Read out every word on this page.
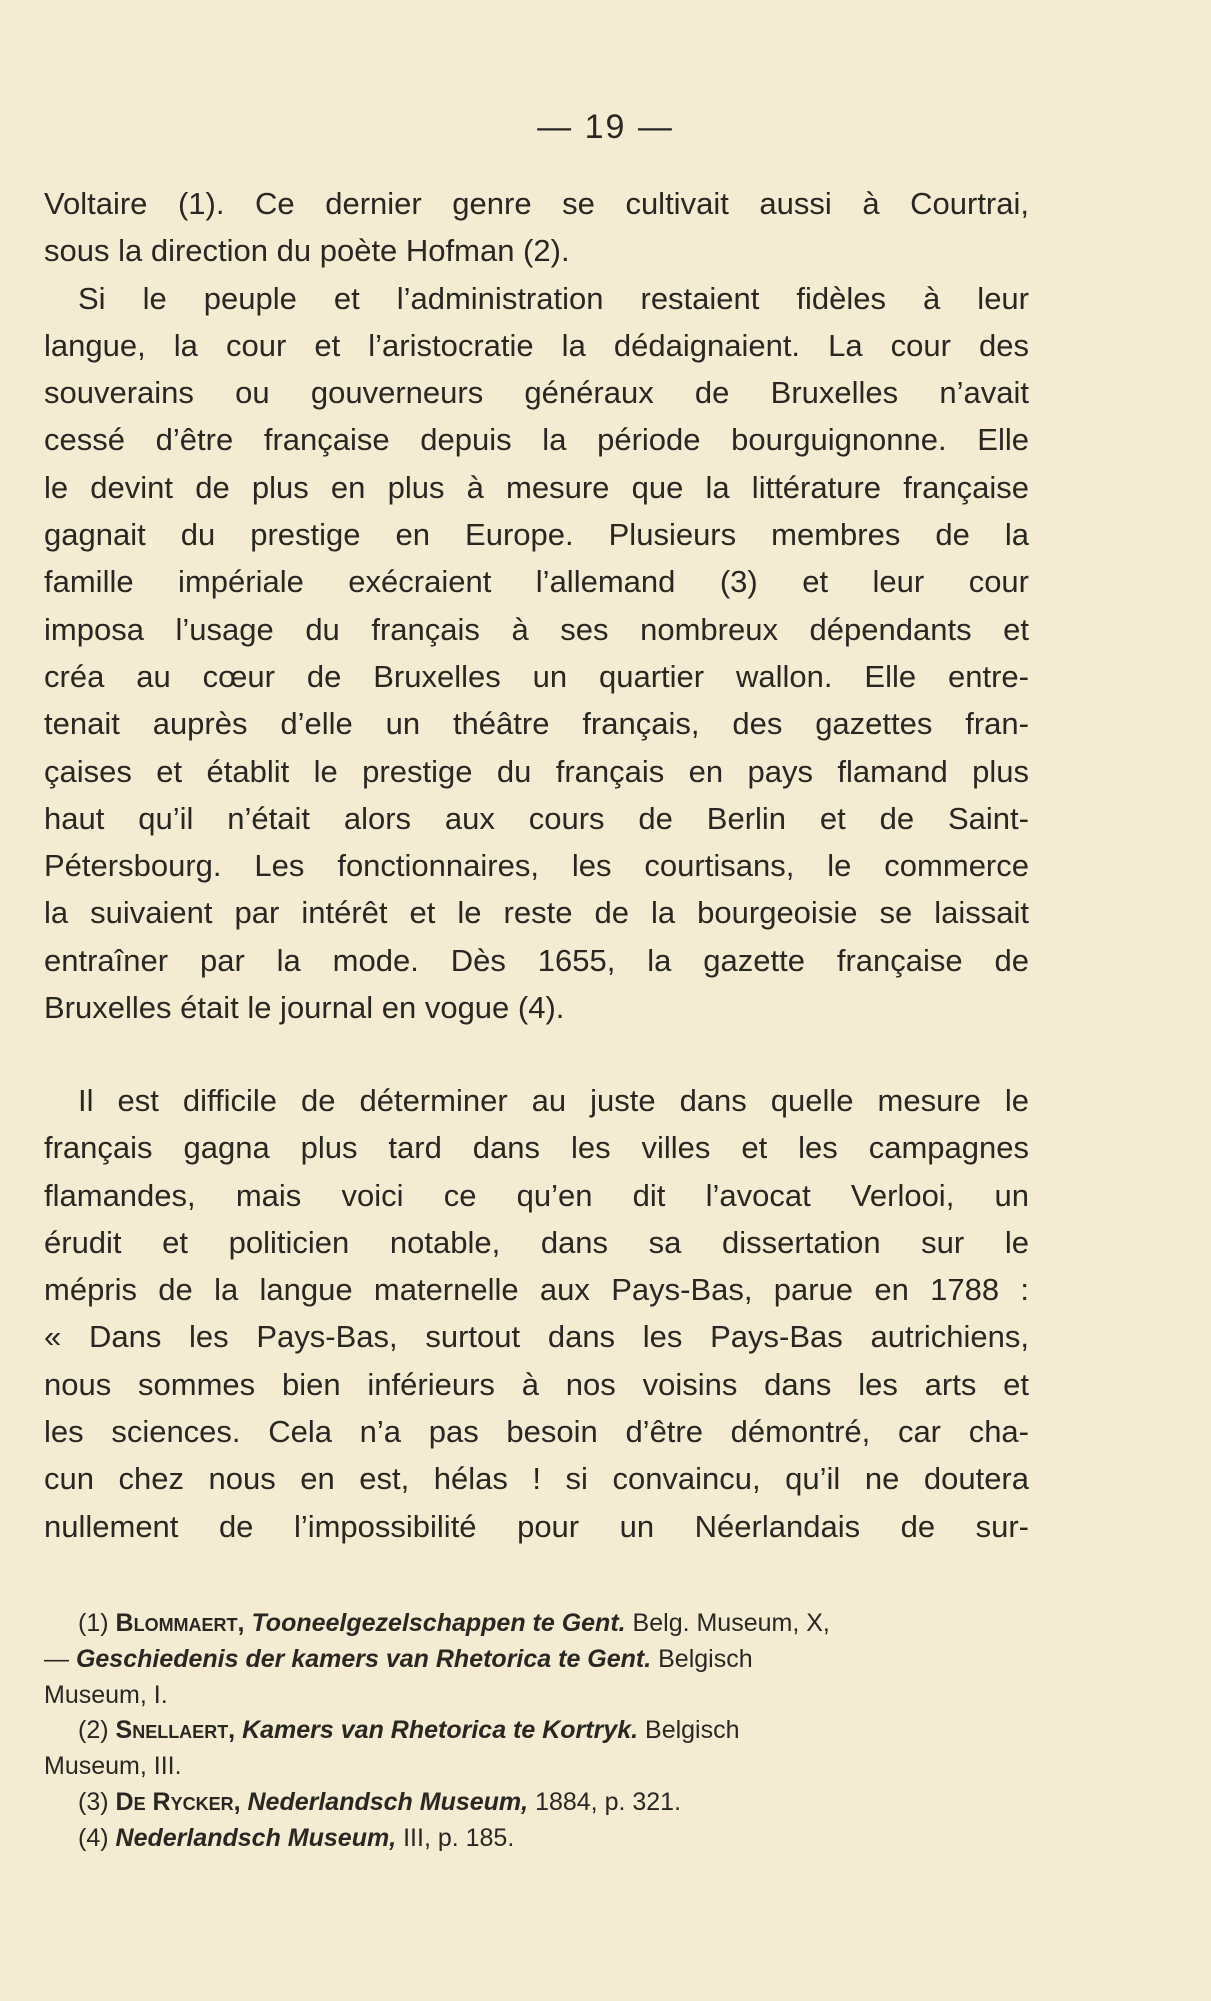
— 19 —
Voltaire (1). Ce dernier genre se cultivait aussi à Courtrai,
sous la direction du poète Hofman (2).
Si le peuple et l’administration restaient fidèles à leur
langue, la cour et l’aristocratie la dédaignaient. La cour des
souverains ou gouverneurs généraux de Bruxelles n’avait
cessé d’être française depuis la période bourguignonne. Elle
le devint de plus en plus à mesure que la littérature française
gagnait du prestige en Europe. Plusieurs membres de la
famille impériale exécraient l’allemand (3) et leur cour
imposa l’usage du français à ses nombreux dépendants et
créa au cœur de Bruxelles un quartier wallon. Elle entre-
tenait auprès d’elle un théâtre français, des gazettes fran-
çaises et établit le prestige du français en pays flamand plus
haut qu’il n’était alors aux cours de Berlin et de Saint-
Pétersbourg. Les fonctionnaires, les courtisans, le commerce
la suivaient par intérêt et le reste de la bourgeoisie se laissait
entraîner par la mode. Dès 1655, la gazette française de
Bruxelles était le journal en vogue (4).
Il est difficile de déterminer au juste dans quelle mesure le
français gagna plus tard dans les villes et les campagnes
flamandes, mais voici ce qu’en dit l’avocat Verlooi, un
érudit et politicien notable, dans sa dissertation sur le
mépris de la langue maternelle aux Pays-Bas, parue en 1788 :
« Dans les Pays-Bas, surtout dans les Pays-Bas autrichiens,
nous sommes bien inférieurs à nos voisins dans les arts et
les sciences. Cela n’a pas besoin d’être démontré, car cha-
cun chez nous en est, hélas ! si convaincu, qu’il ne doutera
nullement de l’impossibilité pour un Néerlandais de sur-
(1) Blommaert, Tooneelgezelschappen te Gent. Belg. Museum, X,
— Geschiedenis der kamers van Rhetorica te Gent. Belgisch
Museum, I.
(2) Snellaert, Kamers van Rhetorica te Kortryk. Belgisch
Museum, III.
(3) De Rycker, Nederlandsch Museum, 1884, p. 321.
(4) Nederlandsch Museum, III, p. 185.
